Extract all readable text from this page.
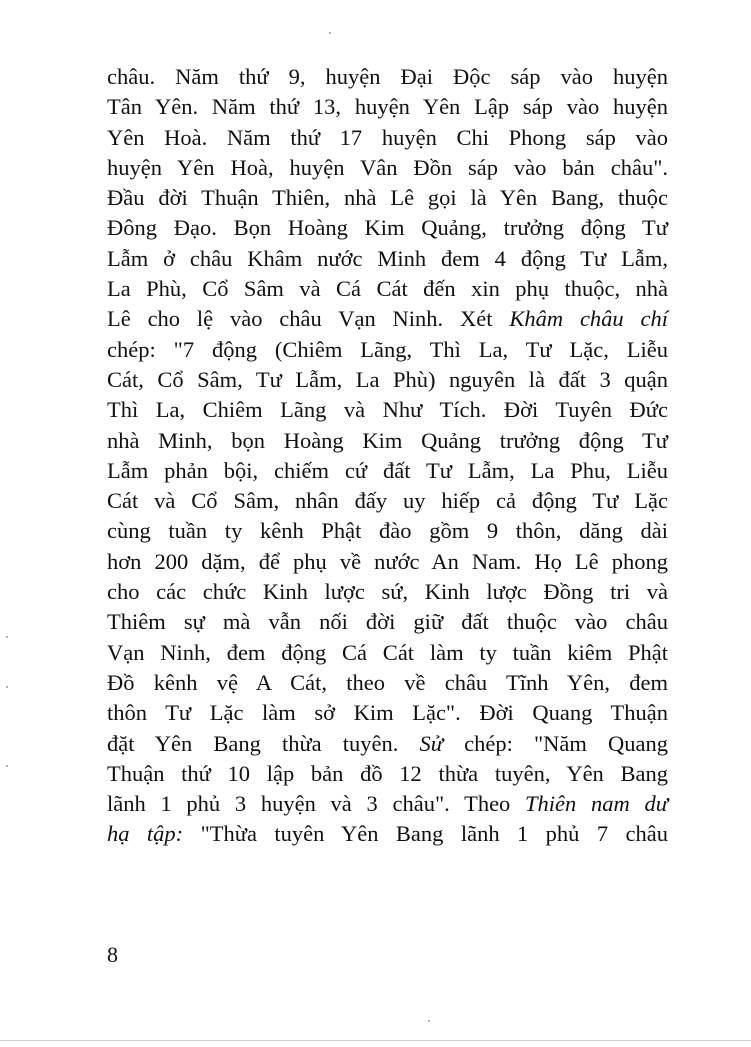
châu. Năm thứ 9, huyện Đại Độc sáp vào huyện
Tân Yên. Năm thứ 13, huyện Yên Lập sáp vào huyện
Yên Hoà. Năm thứ 17 huyện Chi Phong sáp vào
huyện Yên Hoà, huyện Vân Đồn sáp vào bản châu".
Đầu đời Thuận Thiên, nhà Lê gọi là Yên Bang, thuộc
Đông Đạo. Bọn Hoàng Kim Quảng, trưởng động Tư
Lẫm ở châu Khâm nước Minh đem 4 động Tư Lẫm,
La Phù, Cổ Sâm và Cá Cát đến xin phụ thuộc, nhà
Lê cho lệ vào châu Vạn Ninh. Xét Khâm châu chí
chép: "7 động (Chiêm Lãng, Thì La, Tư Lặc, Liễu
Cát, Cổ Sâm, Tư Lẫm, La Phù) nguyên là đất 3 quận
Thì La, Chiêm Lãng và Như Tích. Đời Tuyên Đức
nhà Minh, bọn Hoàng Kim Quảng trưởng động Tư
Lẫm phản bội, chiếm cứ đất Tư Lẫm, La Phu, Liễu
Cát và Cổ Sâm, nhân đấy uy hiếp cả động Tư Lặc
cùng tuần ty kênh Phật đào gồm 9 thôn, dăng dài
hơn 200 dặm, để phụ về nước An Nam. Họ Lê phong
cho các chức Kinh lược sứ, Kinh lược Đồng tri và
Thiêm sự mà vẫn nối đời giữ đất thuộc vào châu
Vạn Ninh, đem động Cá Cát làm ty tuần kiêm Phật
Đồ kênh vệ A Cát, theo về châu Tĩnh Yên, đem
thôn Tư Lặc làm sở Kim Lặc". Đời Quang Thuận
đặt Yên Bang thừa tuyên. Sử chép: "Năm Quang
Thuận thứ 10 lập bản đồ 12 thừa tuyên, Yên Bang
lãnh 1 phủ 3 huyện và 3 châu". Theo Thiên nam dư
hạ tập: "Thừa tuyên Yên Bang lãnh 1 phủ 7 châu
8
